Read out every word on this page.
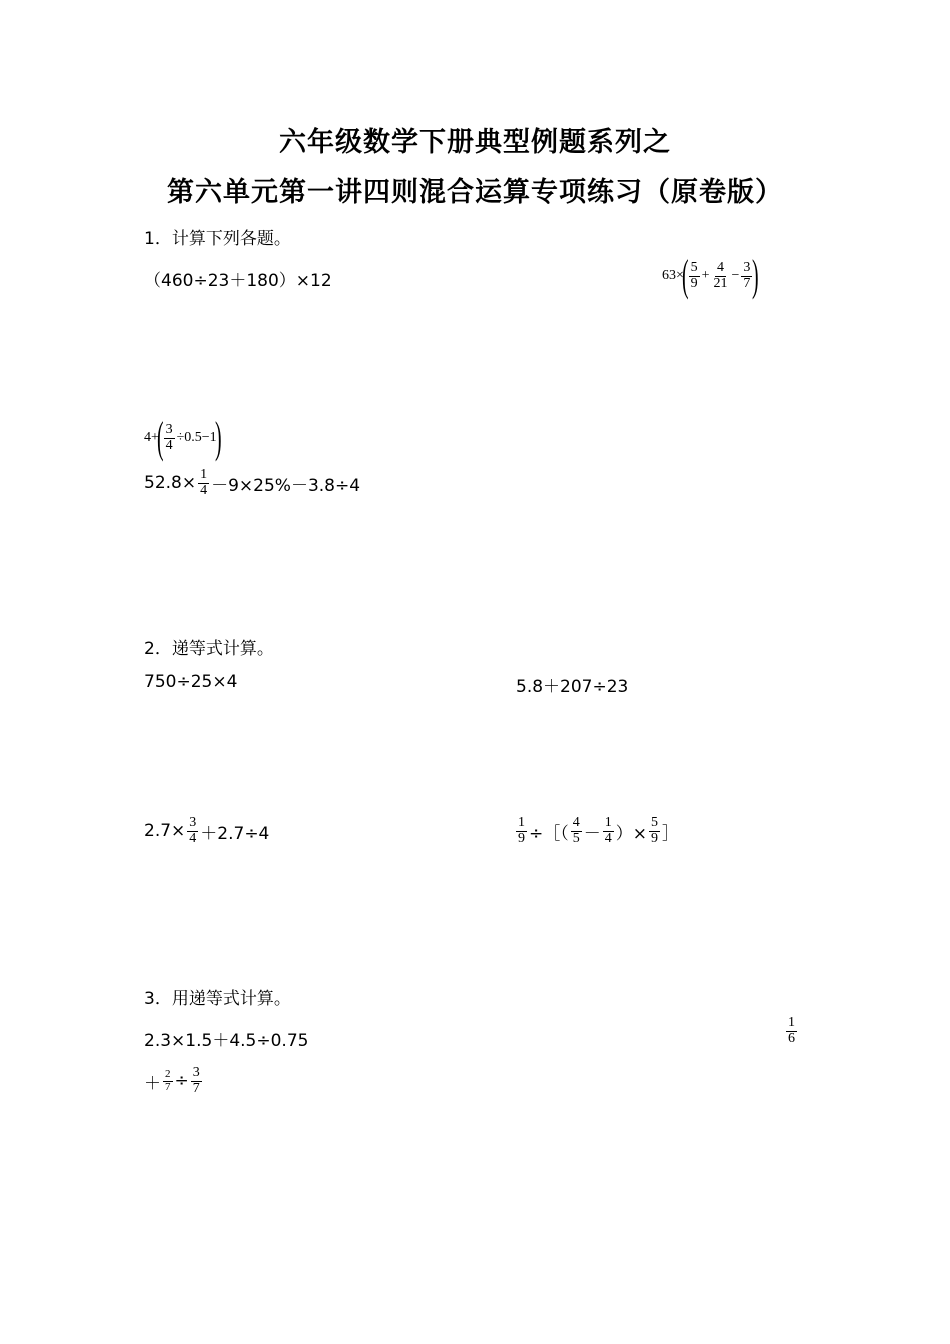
六年级数学下册典型例题系列之
第六单元第一讲四则混合运算专项练习（原卷版）
1．计算下列各题。
（460÷23＋180）×12	$63\times( \frac{5}{9} + \frac{4}{21} - \frac{3}{7}$ )
$4+( \frac{3}{4} \div 0.5-1)$
$52.8\times \frac{1}{4} -9\times 25\%-3.8\div 4$
2．递等式计算。
750÷25×4	5.8＋207÷23
$2.7\times \frac{3}{4} +2.7\div 4$	$\frac{1}{9}$ ÷［（ $\frac{4}{5} - \frac{1}{4}$ ）× $\frac{5}{9}$ ］
3．用递等式计算。
2.3×1.5＋4.5÷0.75	$\frac{1}{6}$
＋ $\frac{2}{7} \div \frac{3}{7}$
